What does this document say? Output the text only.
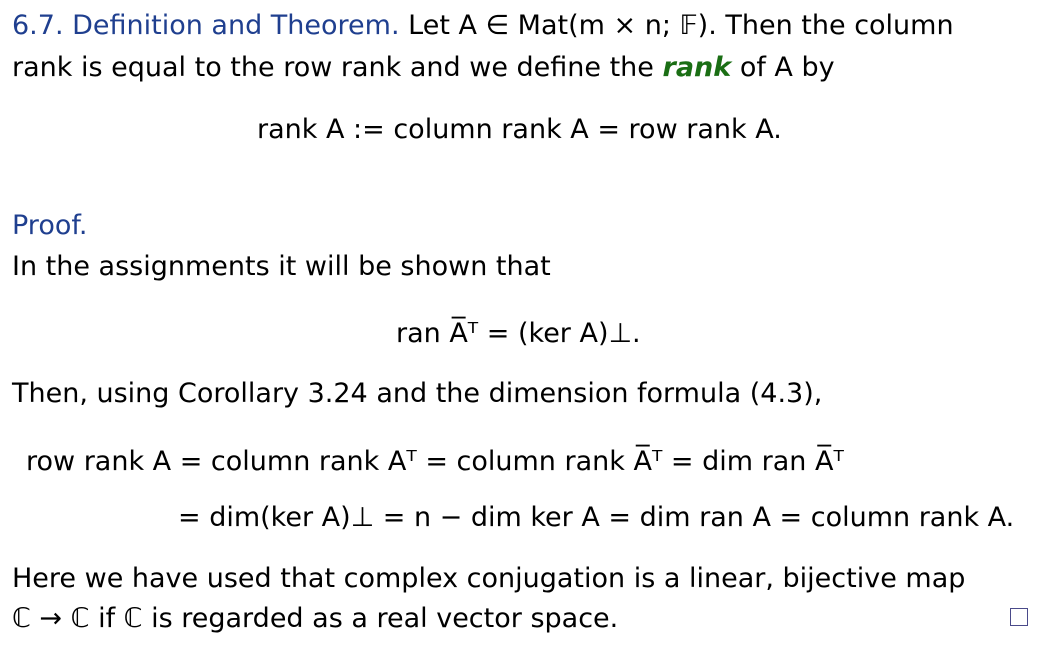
6.7. Definition and Theorem. Let A ∈ Mat(m × n; 𝔽). Then the column
rank is equal to the row rank and we define the rank of A by
rank A := column rank A = row rank A.
Proof.
In the assignments it will be shown that
ran A̅ᵀ = (ker A)⊥.
Then, using Corollary 3.24 and the dimension formula (4.3),
row rank A = column rank Aᵀ = column rank A̅ᵀ = dim ran A̅ᵀ
= dim(ker A)⊥ = n − dim ker A = dim ran A = column rank A.
Here we have used that complex conjugation is a linear, bijective map
ℂ → ℂ if ℂ is regarded as a real vector space.
